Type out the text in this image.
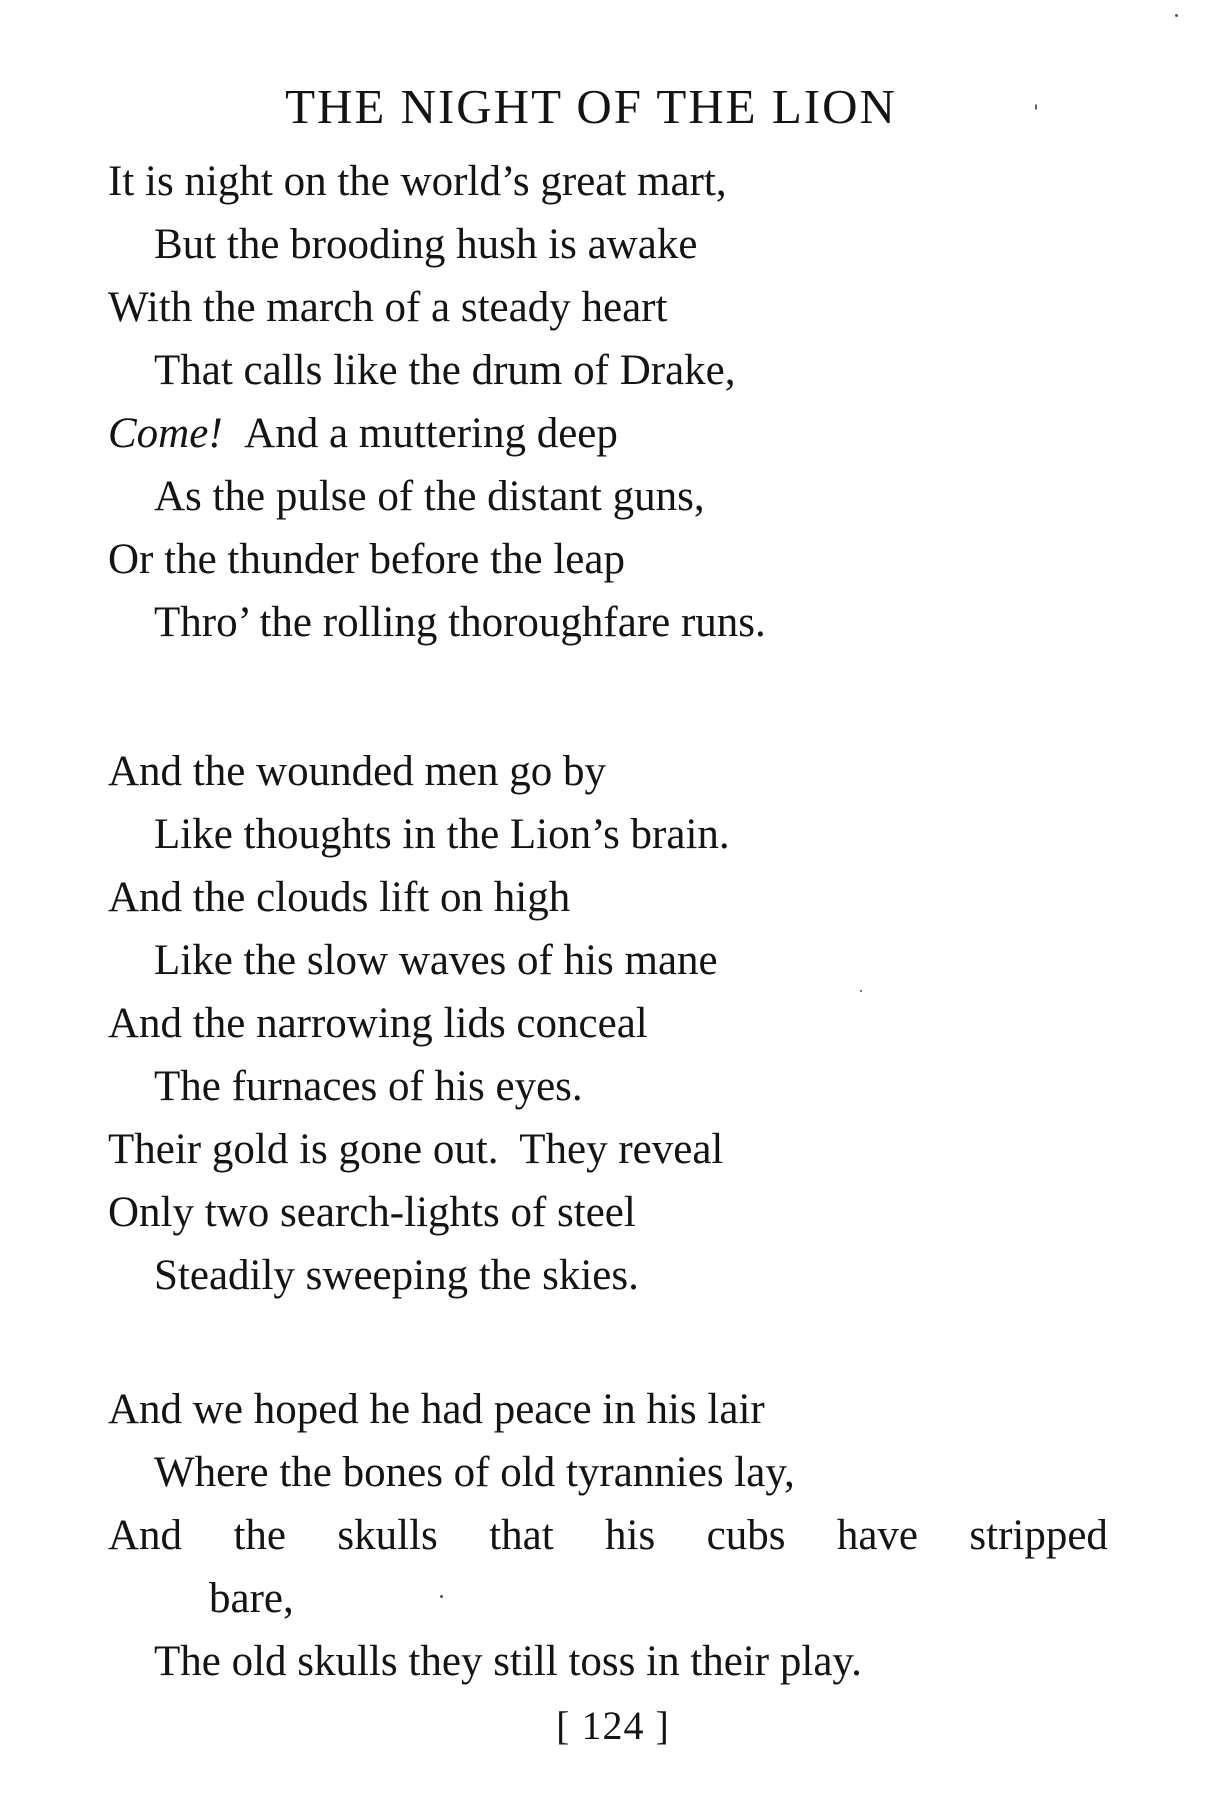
THE NIGHT OF THE LION
It is night on the world’s great mart,
But the brooding hush is awake
With the march of a steady heart
That calls like the drum of Drake,
Come! And a muttering deep
As the pulse of the distant guns,
Or the thunder before the leap
Thro’ the rolling thoroughfare runs.
And the wounded men go by
Like thoughts in the Lion’s brain.
And the clouds lift on high
Like the slow waves of his mane
And the narrowing lids conceal
The furnaces of his eyes.
Their gold is gone out.  They reveal
Only two search-lights of steel
Steadily sweeping the skies.
And we hoped he had peace in his lair
Where the bones of old tyrannies lay,
And the skulls that his cubs have stripped
bare,
The old skulls they still toss in their play.
[ 124 ]
